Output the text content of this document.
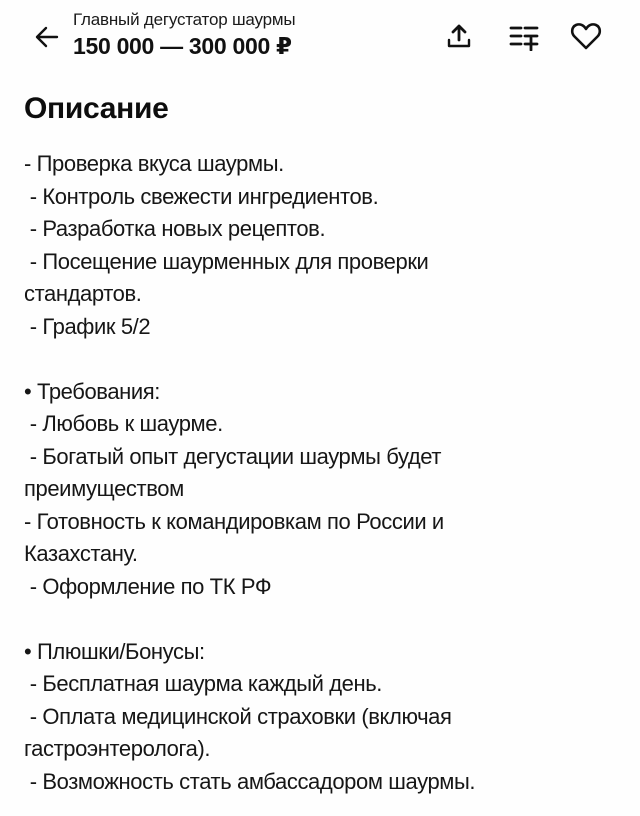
Главный дегустатор шаурмы
150 000 — 300 000 ₽
Описание
- Проверка вкуса шаурмы.
- Контроль свежести ингредиентов.
- Разработка новых рецептов.
- Посещение шаурменных для проверки
стандартов.
- График 5/2
• Требования:
- Любовь к шаурме.
- Богатый опыт дегустации шаурмы будет
преимуществом
- Готовность к командировкам по России и
Казахстану.
- Оформление по ТК РФ
• Плюшки/Бонусы:
- Бесплатная шаурма каждый день.
- Оплата медицинской страховки (включая
гастроэнтеролога).
- Возможность стать амбассадором шаурмы.
